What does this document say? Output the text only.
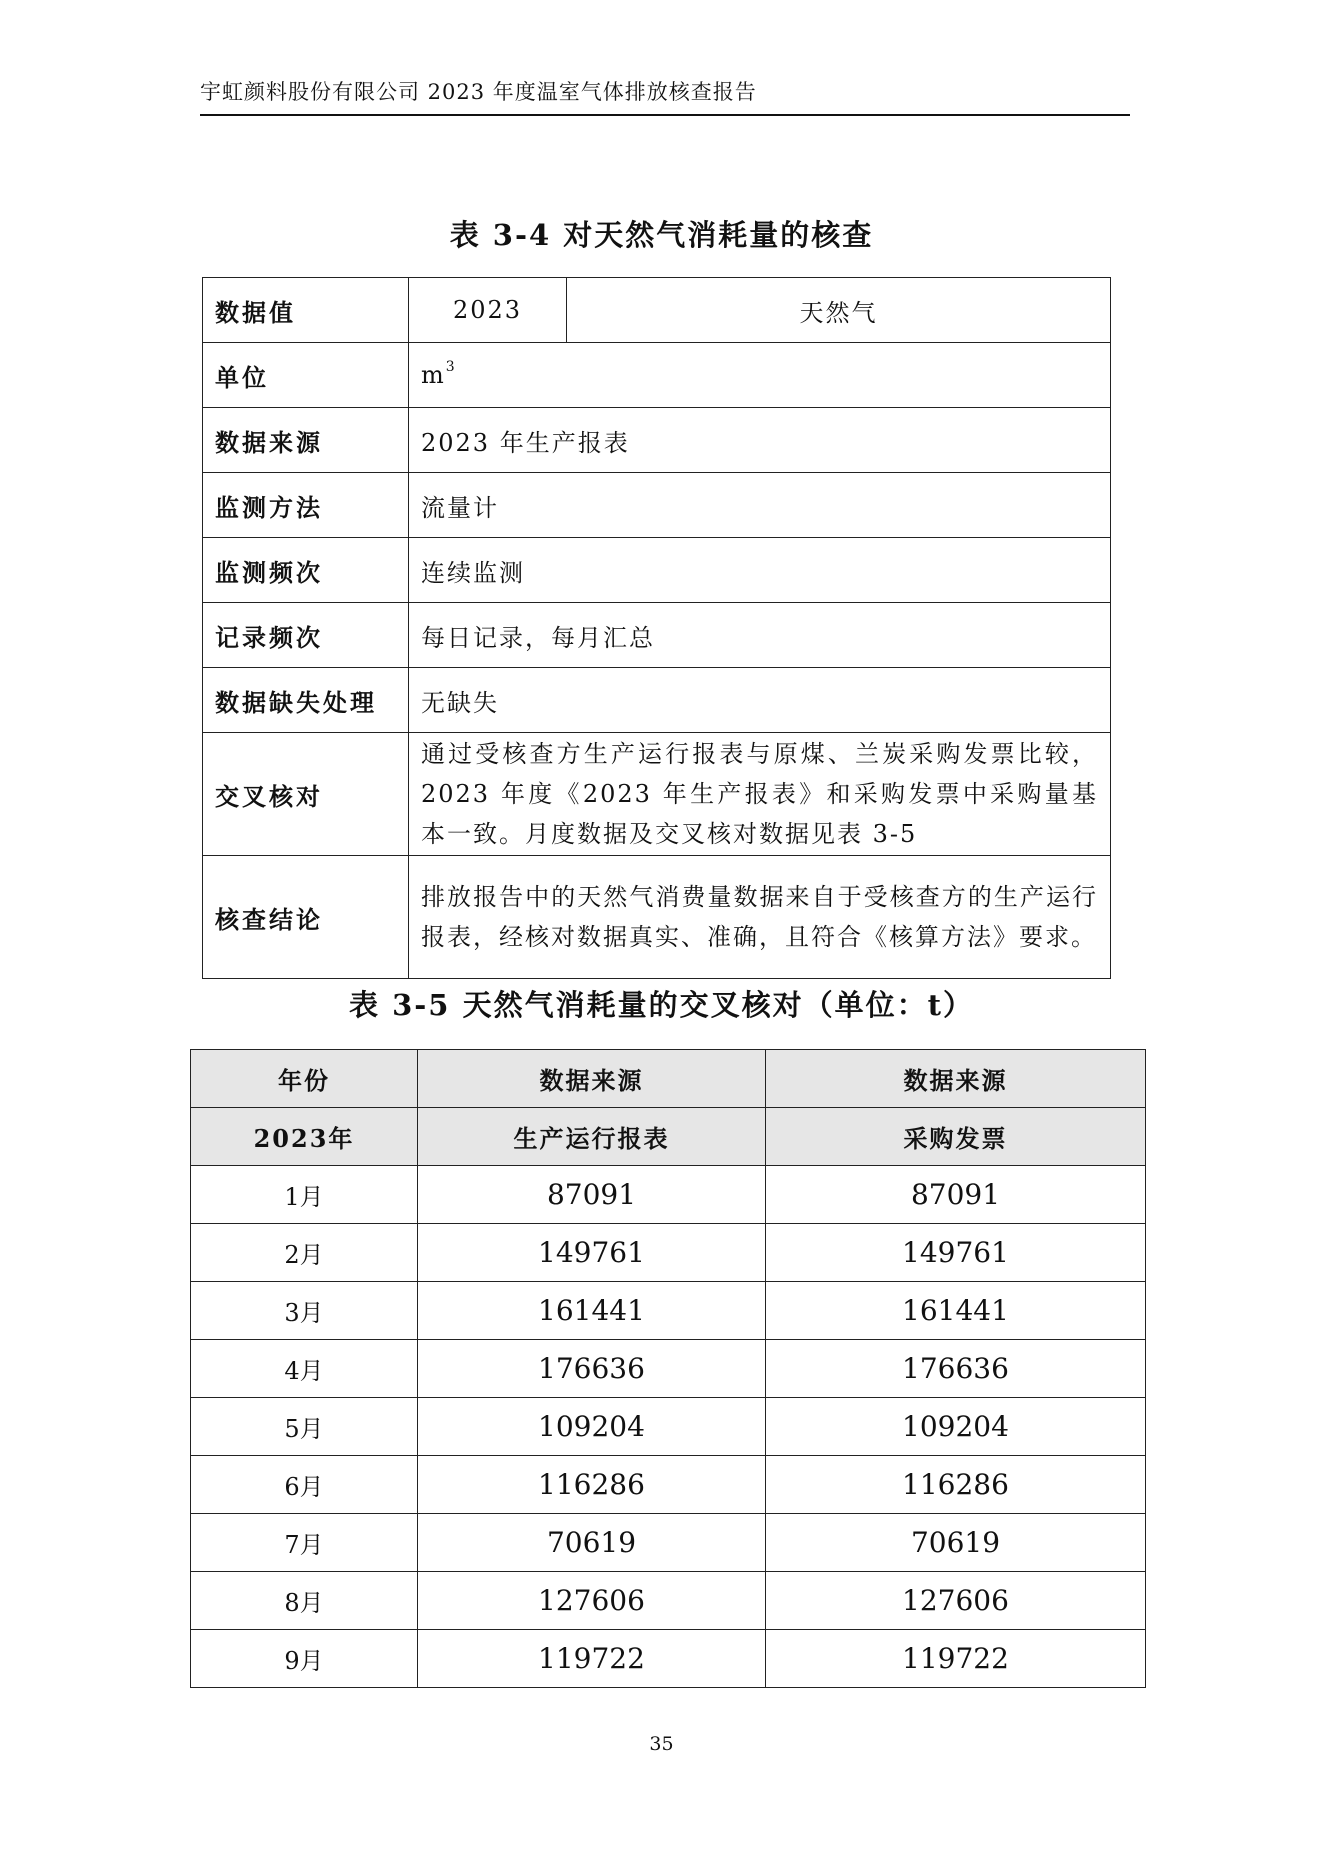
宇虹颜料股份有限公司 2023 年度温室气体排放核查报告
表 3-4 对天然气消耗量的核查
数据值	2023	天然气
单位	$m^3$
数据来源	2023 年生产报表	
监测方法	流量计	
监测频次	连续监测	
记录频次	每日记录，每月汇总	
数据缺失处理	无缺失	
交叉核对	通过受核查方生产运行报表与原煤、兰炭采购发票比较，2023 年度《2023 年生产报表》和采购发票中采购量基本一致。月度数据及交叉核对数据见表 3-5	
核查结论	排放报告中的天然气消费量数据来自于受核查方的生产运行报表，经核对数据真实、准确，且符合《核算方法》要求。	
表 3-5 天然气消耗量的交叉核对（单位：t）
年份	数据来源	数据来源
2023年	生产运行报表	采购发票
1月	87091	87091
2月	149761	149761
3月	161441	161441
4月	176636	176636
5月	109204	109204
6月	116286	116286
7月	70619	70619
8月	127606	127606
9月	119722	119722
35
